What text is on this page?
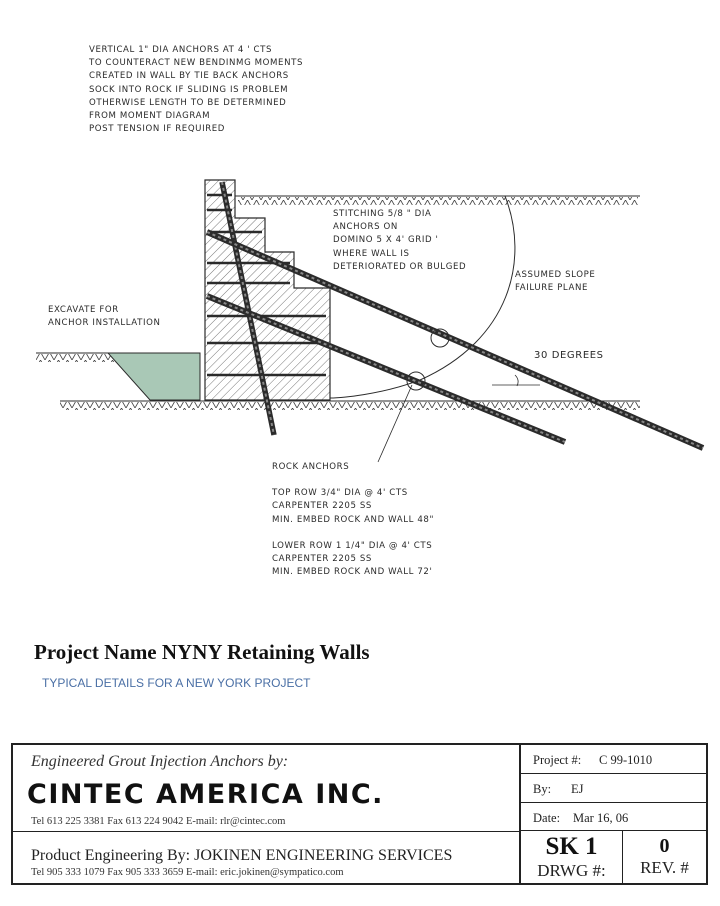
VERTICAL 1" DIA ANCHORS AT 4 ' CTS
TO COUNTERACT NEW BENDINMG MOMENTS
CREATED IN WALL BY TIE BACK ANCHORS
SOCK INTO ROCK IF SLIDING IS PROBLEM
OTHERWISE LENGTH TO BE DETERMINED
FROM MOMENT DIAGRAM
POST TENSION IF REQUIRED
STITCHING 5/8 " DIA
ANCHORS ON
DOMINO 5 X 4' GRID '
WHERE WALL IS
DETERIORATED OR BULGED
ASSUMED SLOPE
FAILURE PLANE
EXCAVATE FOR
ANCHOR INSTALLATION
30 DEGREES
ROCK ANCHORS
TOP ROW 3/4" DIA @ 4' CTS
CARPENTER 2205 SS
MIN. EMBED ROCK AND WALL 48"
LOWER ROW 1 1/4" DIA @ 4' CTS
CARPENTER 2205 SS
MIN. EMBED ROCK AND WALL 72'
Project Name NYNY Retaining Walls
TYPICAL DETAILS FOR A NEW YORK PROJECT
Engineered Grout Injection Anchors by:
CINTEC AMERICA INC.
Tel 613 225 3381 Fax 613 224 9042 E-mail: rlr@cintec.com
Product Engineering By: JOKINEN ENGINEERING SERVICES
Tel 905 333 1079 Fax 905 333 3659 E-mail: eric.jokinen@sympatico.com
Project #: C 99-1010
By: EJ
Date: Mar 16, 06
SK 1
DRWG #:
0
REV. #
